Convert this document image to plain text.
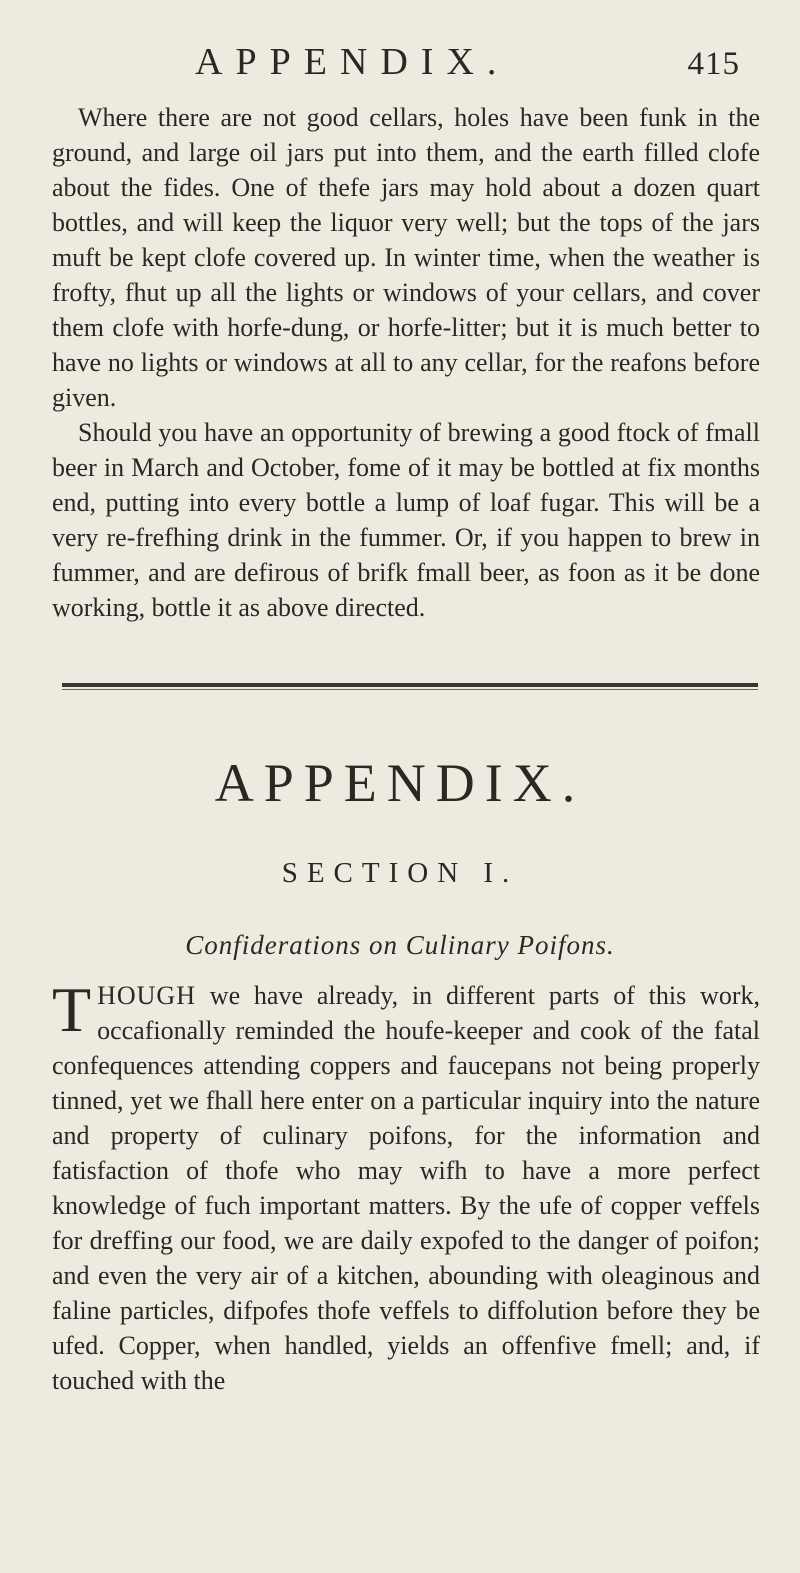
APPENDIX.	415

Where there are not good cellars, holes have been funk in the ground, and large oil jars put into them, and the earth filled clofe about the fides. One of thefe jars may hold about a dozen quart bottles, and will keep the liquor very well; but the tops of the jars muft be kept clofe covered up. In winter time, when the weather is frofty, fhut up all the lights or windows of your cellars, and cover them clofe with horfe-dung, or horfe-litter; but it is much better to have no lights or windows at all to any cellar, for the reafons before given.

Should you have an opportunity of brewing a good ftock of fmall beer in March and October, fome of it may be bottled at fix months end, putting into every bottle a lump of loaf fugar. This will be a very re-frefhing drink in the fummer. Or, if you happen to brew in fummer, and are defirous of brifk fmall beer, as foon as it be done working, bottle it as above directed.

APPENDIX.
SECTION I.
Confiderations on Culinary Poifons.

THOUGH we have already, in different parts of this work, occafionally reminded the houfe-keeper and cook of the fatal confequences attending coppers and faucepans not being properly tinned, yet we fhall here enter on a particular inquiry into the nature and property of culinary poifons, for the information and fatisfaction of thofe who may wifh to have a more perfect knowledge of fuch important matters. By the ufe of copper veffels for dreffing our food, we are daily expofed to the danger of poifon; and even the very air of a kitchen, abounding with oleaginous and faline particles, difpofes thofe veffels to diffolution before they be ufed. Copper, when handled, yields an offenfive fmell; and, if touched with the
